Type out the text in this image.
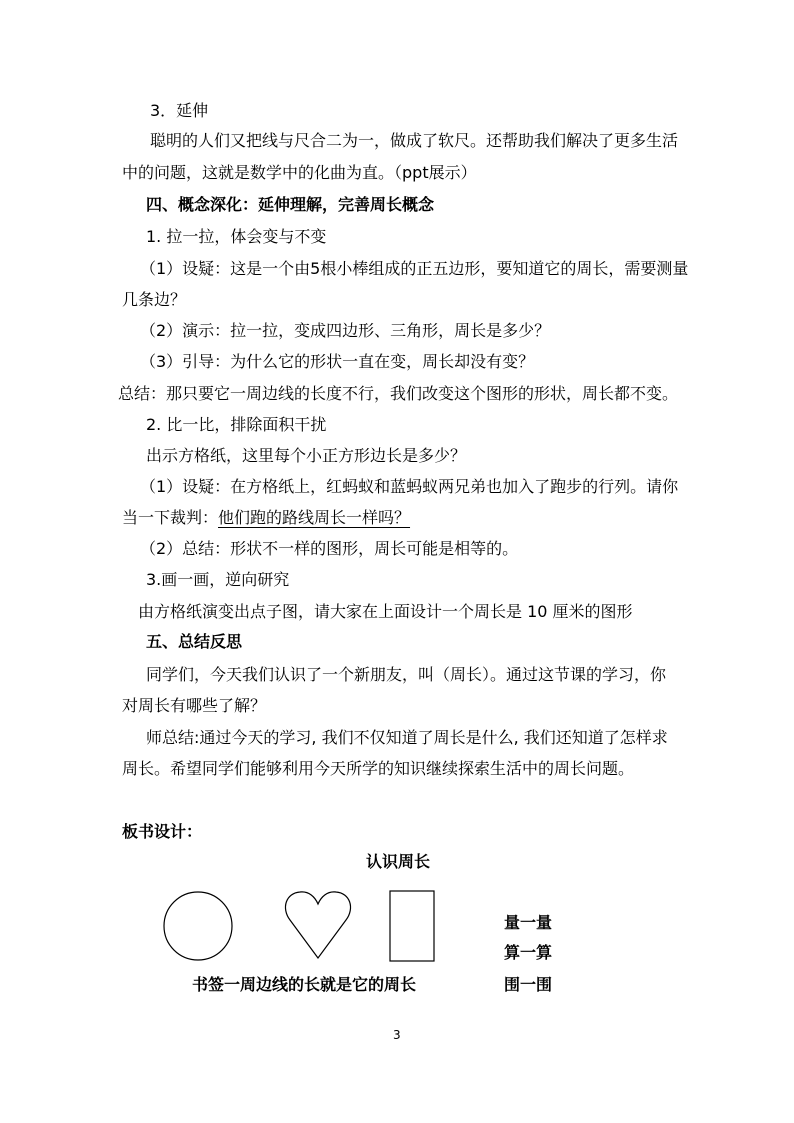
3．延伸
聪明的人们又把线与尺合二为一，做成了软尺。还帮助我们解决了更多生活
中的问题，这就是数学中的化曲为直。（ppt展示）
四、概念深化：延伸理解，完善周长概念
1. 拉一拉，体会变与不变
（1）设疑：这是一个由5根小棒组成的正五边形，要知道它的周长，需要测量
几条边？
（2）演示：拉一拉，变成四边形、三角形，周长是多少？
（3）引导：为什么它的形状一直在变，周长却没有变？
总结：那只要它一周边线的长度不行，我们改变这个图形的形状，周长都不变。
2. 比一比，排除面积干扰
出示方格纸，这里每个小正方形边长是多少？
（1）设疑：在方格纸上，红蚂蚁和蓝蚂蚁两兄弟也加入了跑步的行列。请你
当一下裁判：他们跑的路线周长一样吗？
（2）总结：形状不一样的图形，周长可能是相等的。
3.画一画，逆向研究
由方格纸演变出点子图，请大家在上面设计一个周长是 10 厘米的图形
五、总结反思
同学们，今天我们认识了一个新朋友，叫（周长）。通过这节课的学习，你
对周长有哪些了解？
师总结:通过今天的学习, 我们不仅知道了周长是什么, 我们还知道了怎样求
周长。希望同学们能够利用今天所学的知识继续探索生活中的周长问题。
板书设计：
认识周长
量一量
算一算
围一围
书签一周边线的长就是它的周长
3
